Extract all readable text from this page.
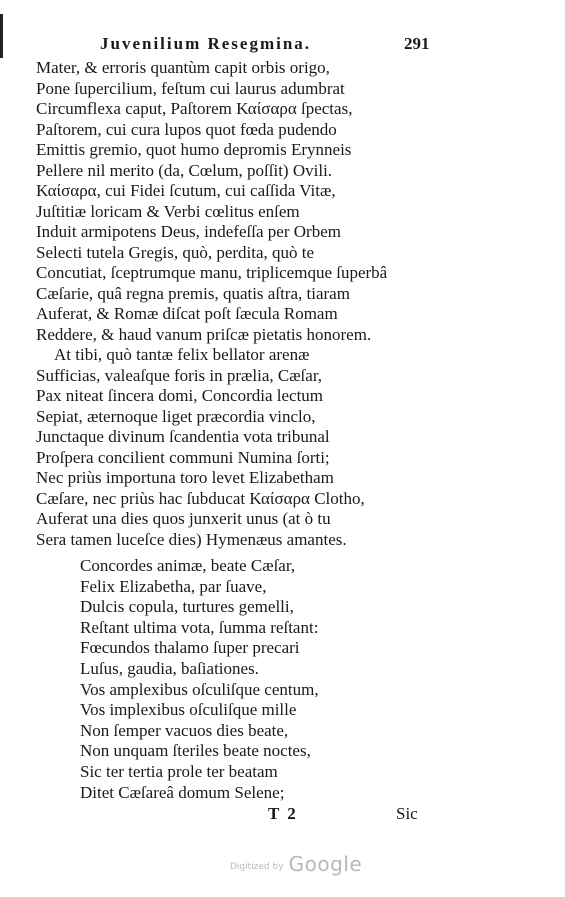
Juvenilium Resegmina.	291
Mater, & erroris quantùm capit orbis origo,
Pone ſupercilium, feſtum cui laurus adumbrat
Circumflexa caput, Paſtorem Καίσαρα ſpectas,
Paſtorem, cui cura lupos quot fœda pudendo
Emittis gremio, quot humo depromis Erynneis
Pellere nil merito (da, Cœlum, poſſit) Ovili.
Καίσαρα, cui Fidei ſcutum, cui caſſida Vitæ,
Juſtitiæ loricam & Verbi cœlitus enſem
Induit armipotens Deus, indefeſſa per Orbem
Selecti tutela Gregis, quò, perdita, quò te
Concutiat, ſceptrumque manu, triplicemque ſuperbâ
Cæſarie, quâ regna premis, quatis aſtra, tiaram
Auferat, & Romæ diſcat poſt ſæcula Romam
Reddere, & haud vanum priſcæ pietatis honorem.
At tibi, quò tantæ felix bellator arenæ
Sufficias, valeaſque foris in prælia, Cæſar,
Pax niteat ſincera domi, Concordia lectum
Sepiat, æternoque liget præcordia vinclo,
Junctaque divinum ſcandentia vota tribunal
Proſpera concilient communi Numina ſorti;
Nec priùs importuna toro levet Elizabetham
Cæſare, nec priùs hac ſubducat Καίσαρα Clotho,
Auferat una dies quos junxerit unus (at ò tu
Sera tamen luceſce dies) Hymenæus amantes.
Concordes animæ, beate Cæſar,
Felix Elizabetha, par ſuave,
Dulcis copula, turtures gemelli,
Reſtant ultima vota, ſumma reſtant:
Fœcundos thalamo ſuper precari
Luſus, gaudia, baſiationes.
Vos amplexibus oſculiſque centum,
Vos implexibus oſculiſque mille
Non ſemper vacuos dies beate,
Non unquam ſteriles beate noctes,
Sic ter tertia prole ter beatam
Ditet Cæſareâ domum Selene;
T 2	Sic
Digitized by Google
